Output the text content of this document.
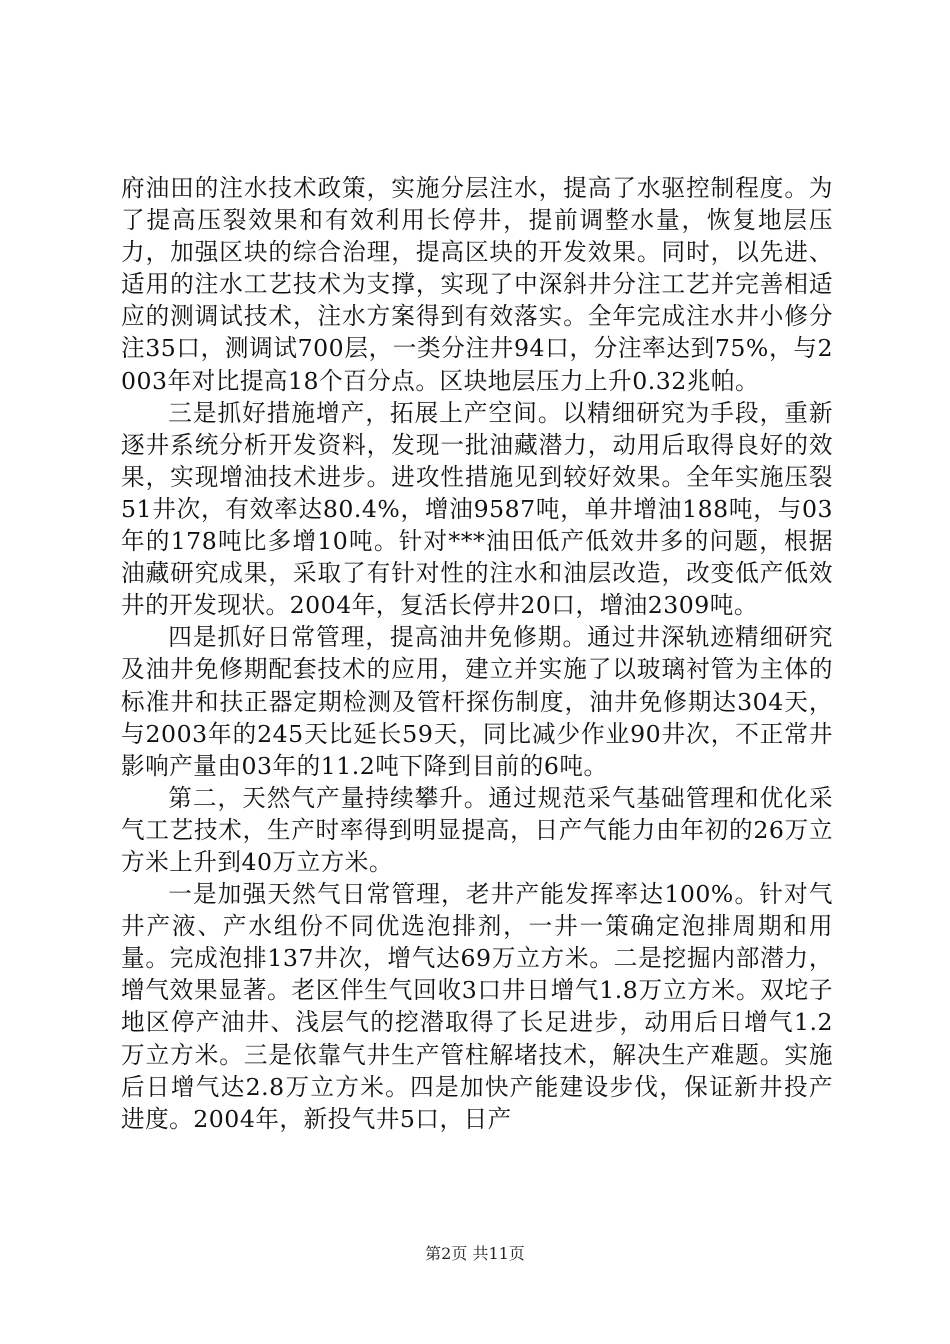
府油田的注水技术政策，实施分层注水，提高了水驱控制程度。为了提高压裂效果和有效利用长停井，提前调整水量，恢复地层压力，加强区块的综合治理，提高区块的开发效果。同时，以先进、适用的注水工艺技术为支撑，实现了中深斜井分注工艺并完善相适应的测调试技术，注水方案得到有效落实。全年完成注水井小修分注35口，测调试700层，一类分注井94口，分注率达到75%，与2003年对比提高18个百分点。区块地层压力上升0.32兆帕。

三是抓好措施增产，拓展上产空间。以精细研究为手段，重新逐井系统分析开发资料，发现一批油藏潜力，动用后取得良好的效果，实现增油技术进步。进攻性措施见到较好效果。全年实施压裂51井次，有效率达80.4%，增油9587吨，单井增油188吨，与03年的178吨比多增10吨。针对***油田低产低效井多的问题，根据油藏研究成果，采取了有针对性的注水和油层改造，改变低产低效井的开发现状。2004年，复活长停井20口，增油2309吨。

四是抓好日常管理，提高油井免修期。通过井深轨迹精细研究及油井免修期配套技术的应用，建立并实施了以玻璃衬管为主体的标准井和扶正器定期检测及管杆探伤制度，油井免修期达304天，与2003年的245天比延长59天，同比减少作业90井次，不正常井影响产量由03年的11.2吨下降到目前的6吨。

第二，天然气产量持续攀升。通过规范采气基础管理和优化采气工艺技术，生产时率得到明显提高，日产气能力由年初的26万立方米上升到40万立方米。

一是加强天然气日常管理，老井产能发挥率达100%。针对气井产液、产水组份不同优选泡排剂，一井一策确定泡排周期和用量。完成泡排137井次，增气达69万立方米。二是挖掘内部潜力，增气效果显著。老区伴生气回收3口井日增气1.8万立方米。双坨子地区停产油井、浅层气的挖潜取得了长足进步，动用后日增气1.2万立方米。三是依靠气井生产管柱解堵技术，解决生产难题。实施后日增气达2.8万立方米。四是加快产能建设步伐，保证新井投产进度。2004年，新投气井5口，日产

第2页 共11页
